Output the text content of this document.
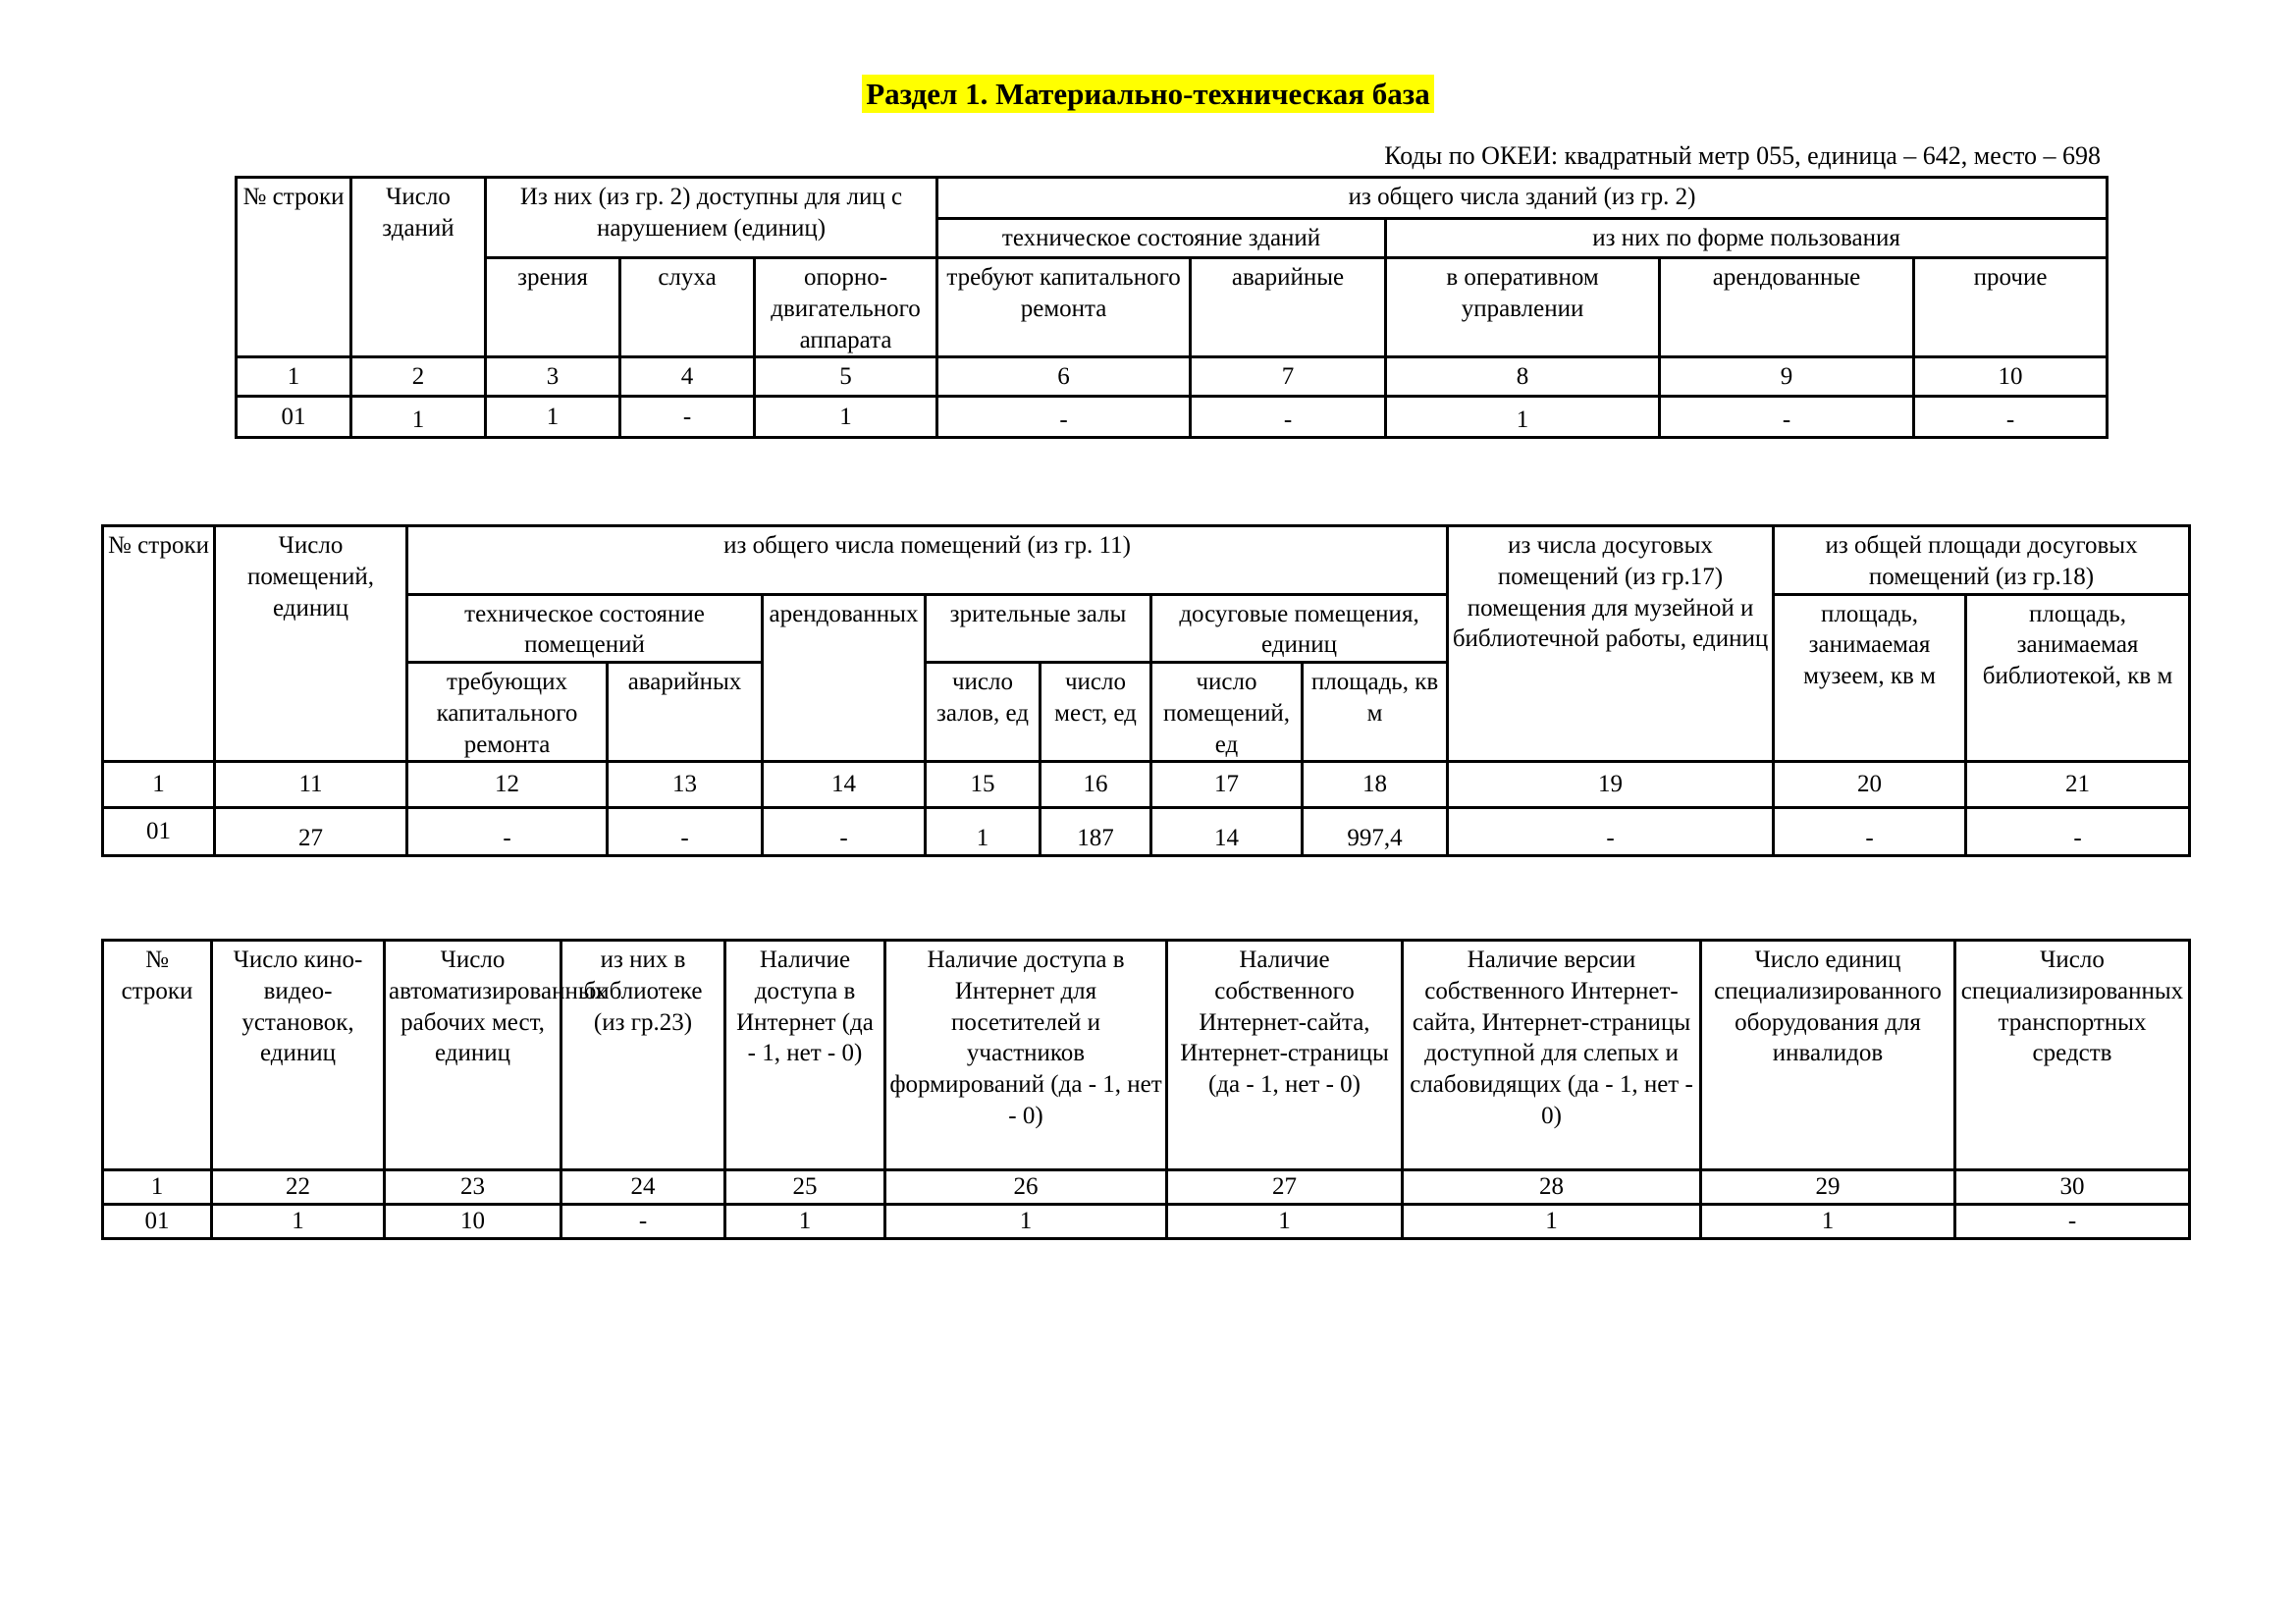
Раздел 1. Материально-техническая база
Коды по ОКЕИ: квадратный метр 055, единица – 642, место – 698
№ строки	Число зданий	Из них (из гр. 2) доступны для лиц с нарушением (единиц)			из общего числа зданий (из гр. 2)				
					техническое состояние зданий		из них по форме пользования		
		зрения	слуха	опорно-двигательного аппарата	требуют капитального ремонта	аварийные	в оперативном управлении	арендованные	прочие
1	2	3	4	5	6	7	8	9	10
01	1	1	-	1	-	-	1	-	-
№ строки	Число помещений, единиц	из общего числа помещений (из гр. 11)							из числа досуговых помещений (из гр.17) помещения для музейной и библиотечной работы, единиц	из общей площади досуговых помещений (из гр.18)	
		техническое состояние помещений		арендованных	зрительные залы		досуговые помещения, единиц			площадь, занимаемая музеем, кв м	площадь, занимаемая библиотекой, кв м
		требующих капитального ремонта	аварийных		число залов, ед	число мест, ед	число помещений, ед	площадь, кв м			
1	11	12	13	14	15	16	17	18	19	20	21
01	27	-	-	-	1	187	14	997,4	-	-	-
№ строки	Число кино-видео-установок, единиц	Число автоматизированных рабочих мест, единиц	из них в библиотеке (из гр.23)	Наличие доступа в Интернет (да - 1, нет - 0)	Наличие доступа в Интернет для посетителей и участников формирований (да - 1, нет - 0)	Наличие собственного Интернет-сайта, Интернет-страницы (да - 1, нет - 0)	Наличие версии собственного Интернет-сайта, Интернет-страницы доступной для слепых и слабовидящих (да - 1, нет - 0)	Число единиц специализированного оборудования для инвалидов	Число специализированных транспортных средств
1	22	23	24	25	26	27	28	29	30
01	1	10	-	1	1	1	1	1	-
